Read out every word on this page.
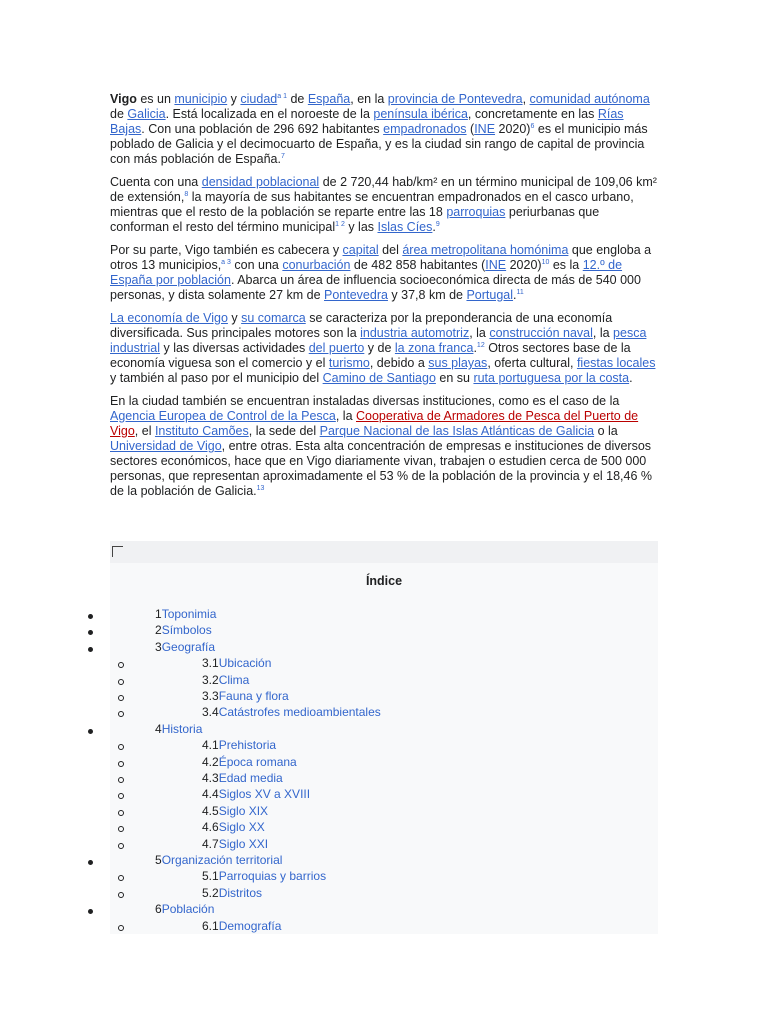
Vigo es un municipio y ciudad$^{a 1}$ de España, en la provincia de Pontevedra, comunidad autónoma de Galicia. Está localizada en el noroeste de la península ibérica, concretamente en las Rías Bajas. Con una población de 296 692 habitantes empadronados (INE 2020)$^6$ es el municipio más poblado de Galicia y el decimocuarto de España, y es la ciudad sin rango de capital de provincia con más población de España.$^7$

Cuenta con una densidad poblacional de 2 720,44 hab/km² en un término municipal de 109,06 km² de extensión,$^8$ la mayoría de sus habitantes se encuentran empadronados en el casco urbano, mientras que el resto de la población se reparte entre las 18 parroquias periurbanas que conforman el resto del término municipal$^{1 2}$ y las Islas Cíes.$^9$

Por su parte, Vigo también es cabecera y capital del área metropolitana homónima que engloba a otros 13 municipios,$^{a 3}$ con una conurbación de 482 858 habitantes (INE 2020)$^{10}$ es la 12.º de España por población. Abarca un área de influencia socioeconómica directa de más de 540 000 personas, y dista solamente 27 km de Pontevedra y 37,8 km de Portugal.$^{11}$

La economía de Vigo y su comarca se caracteriza por la preponderancia de una economía diversificada. Sus principales motores son la industria automotriz, la construcción naval, la pesca industrial y las diversas actividades del puerto y de la zona franca.$^{12}$ Otros sectores base de la economía viguesa son el comercio y el turismo, debido a sus playas, oferta cultural, fiestas locales y también al paso por el municipio del Camino de Santiago en su ruta portuguesa por la costa.

En la ciudad también se encuentran instaladas diversas instituciones, como es el caso de la Agencia Europea de Control de la Pesca, la Cooperativa de Armadores de Pesca del Puerto de Vigo, el Instituto Camões, la sede del Parque Nacional de las Islas Atlánticas de Galicia o la Universidad de Vigo, entre otras. Esta alta concentración de empresas e instituciones de diversos sectores económicos, hace que en Vigo diariamente vivan, trabajen o estudien cerca de 500 000 personas, que representan aproximadamente el 53 % de la población de la provincia y el 18,46 % de la población de Galicia.$^{13}$

Índice
1Toponimia
2Símbolos
3Geografía
3.1Ubicación
3.2Clima
3.3Fauna y flora
3.4Catástrofes medioambientales
4Historia
4.1Prehistoria
4.2Época romana
4.3Edad media
4.4Siglos XV a XVIII
4.5Siglo XIX
4.6Siglo XX
4.7Siglo XXI
5Organización territorial
5.1Parroquias y barrios
5.2Distritos
6Población
6.1Demografía
